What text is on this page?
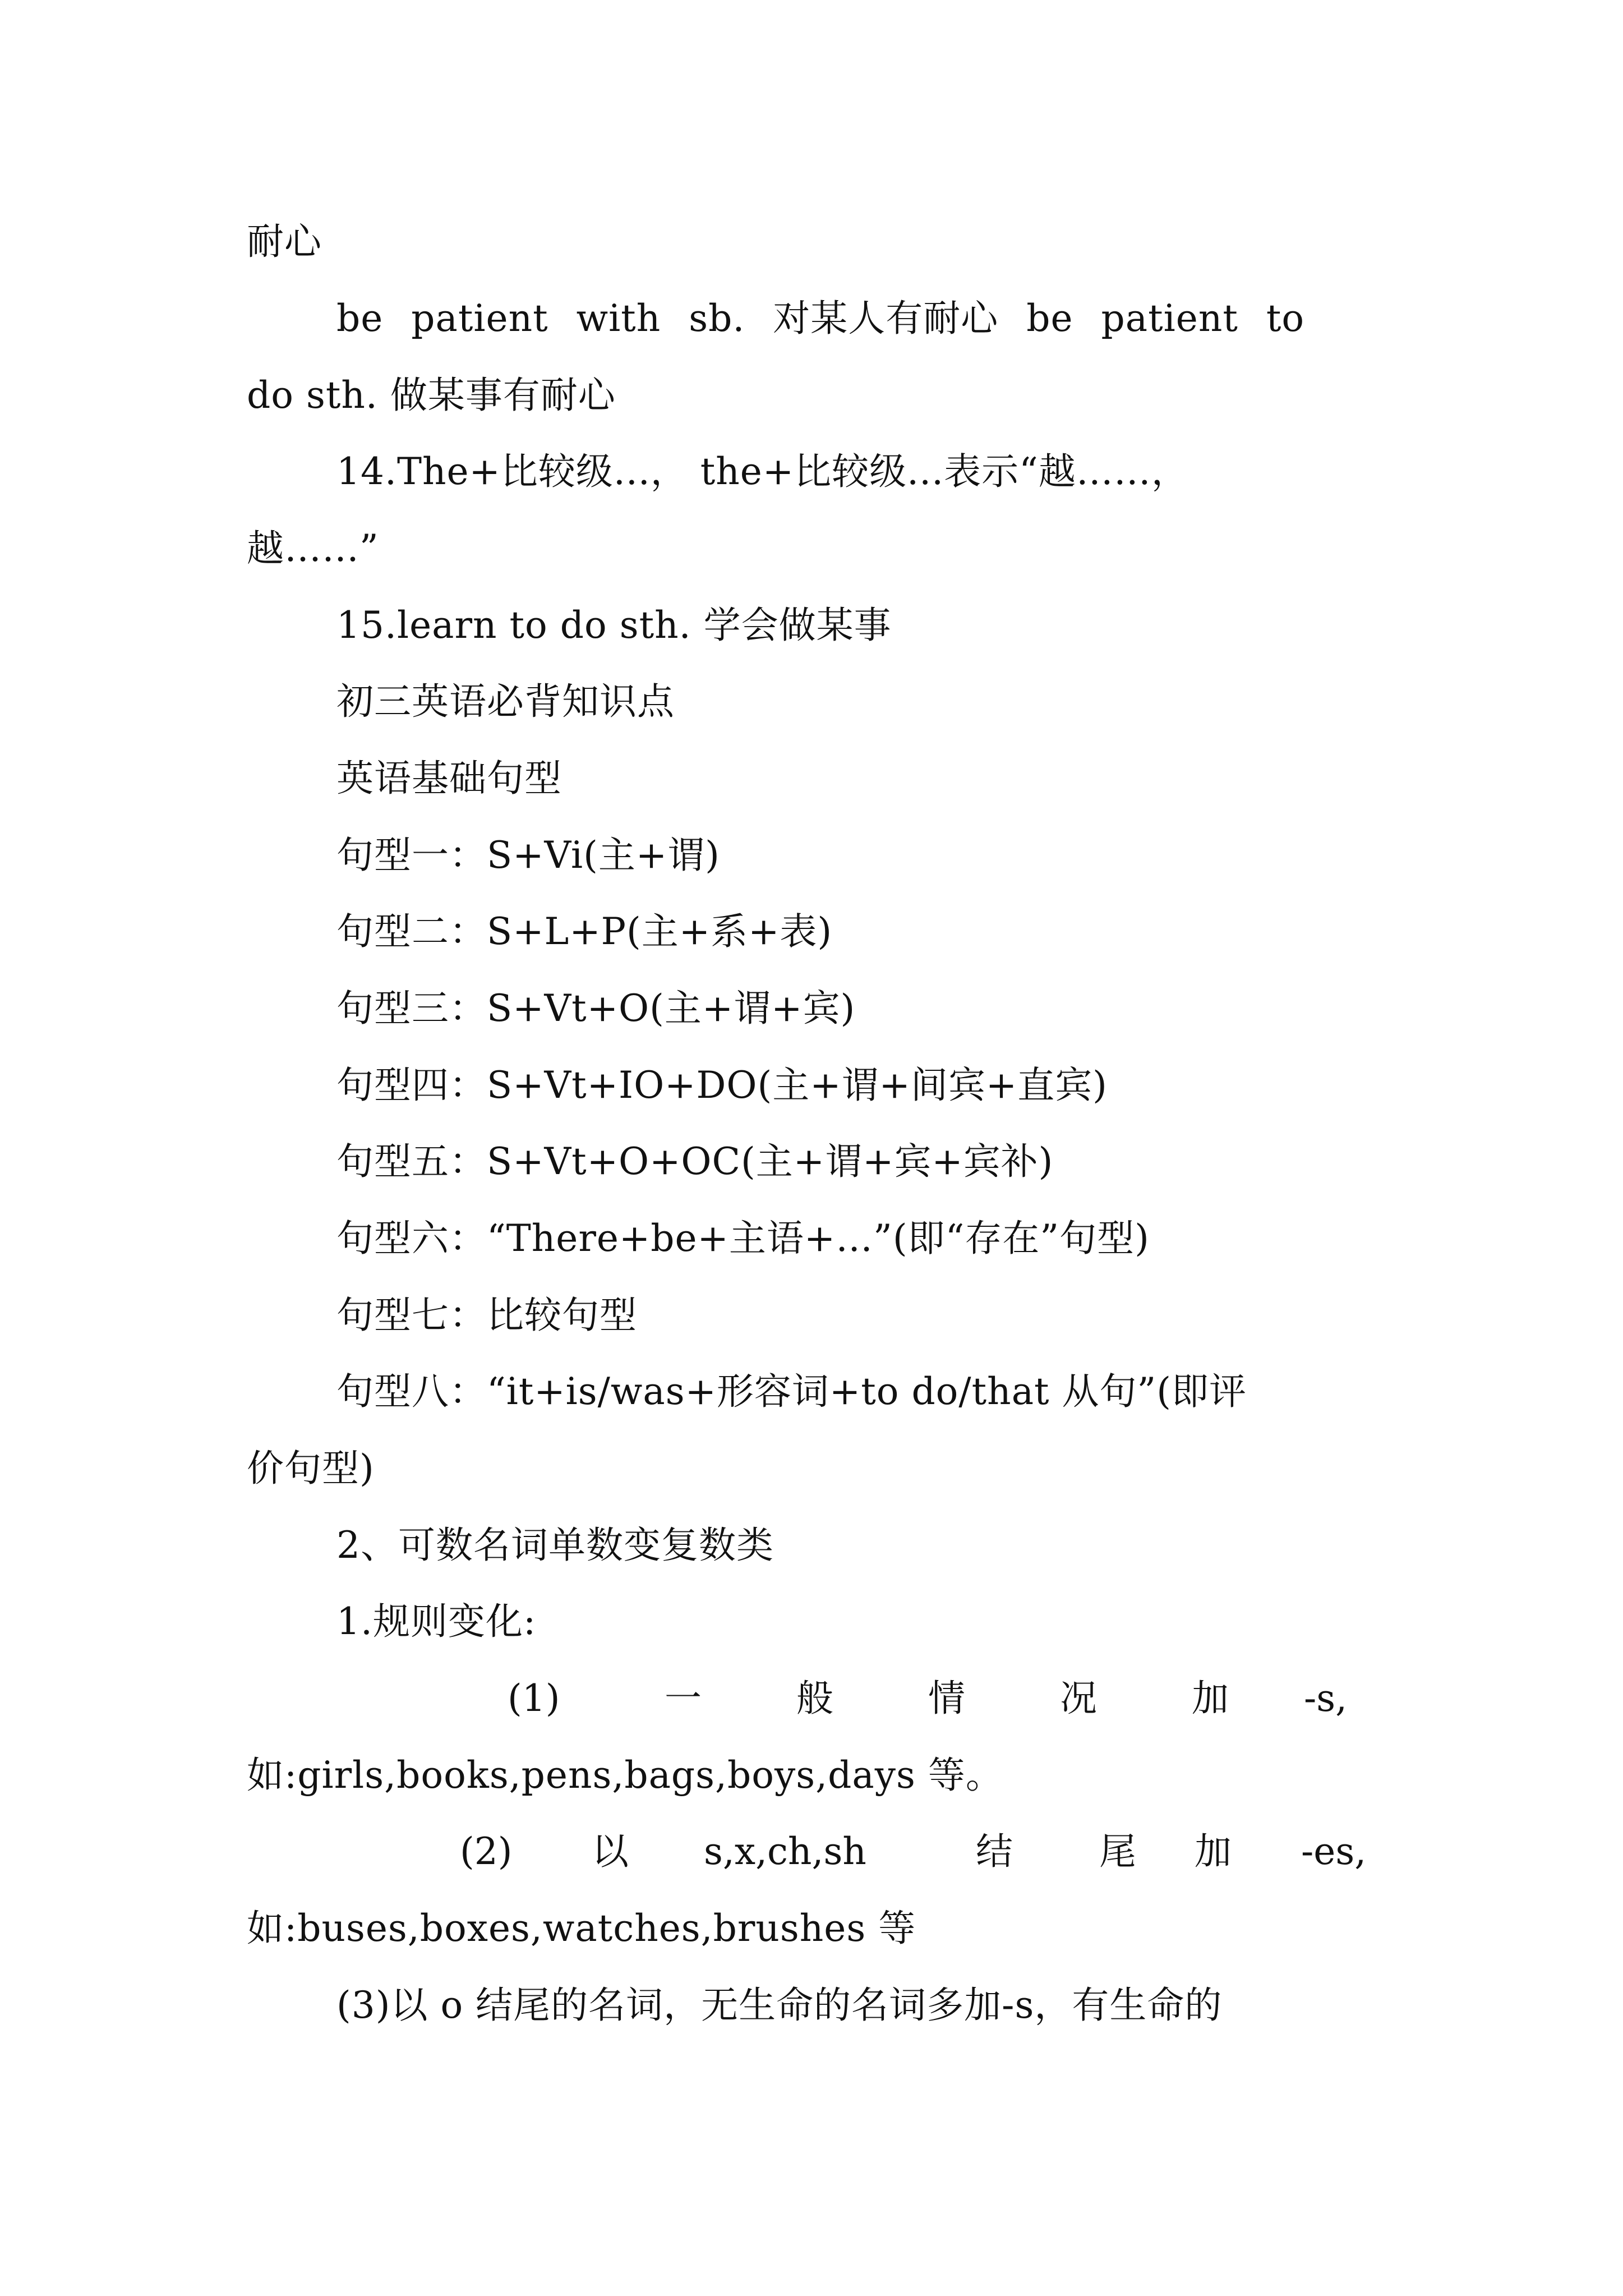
耐心
be patient with sb. 对某人有耐心 be patient to
do sth. 做某事有耐心
14.The+比较级...， the+比较级...表示“越……，
越……”
15.learn to do sth. 学会做某事
初三英语必背知识点
英语基础句型
句型一：S+Vi(主+谓)
句型二：S+L+P(主+系+表)
句型三：S+Vt+O(主+谓+宾)
句型四：S+Vt+IO+DO(主+谓+间宾+直宾)
句型五：S+Vt+O+OC(主+谓+宾+宾补)
句型六：“There+be+主语+…”(即“存在”句型)
句型七：比较句型
句型八：“it+is/was+形容词+to do/that 从句”(即评
价句型)
2、可数名词单数变复数类
1.规则变化:
(1)	一	般	情	况	加 -s,
如:girls,books,pens,bags,boys,days 等。
(2) 以 s,x,ch,sh	结 尾 加 -es,
如:buses,boxes,watches,brushes 等
(3)以 o 结尾的名词，无生命的名词多加-s，有生命的
